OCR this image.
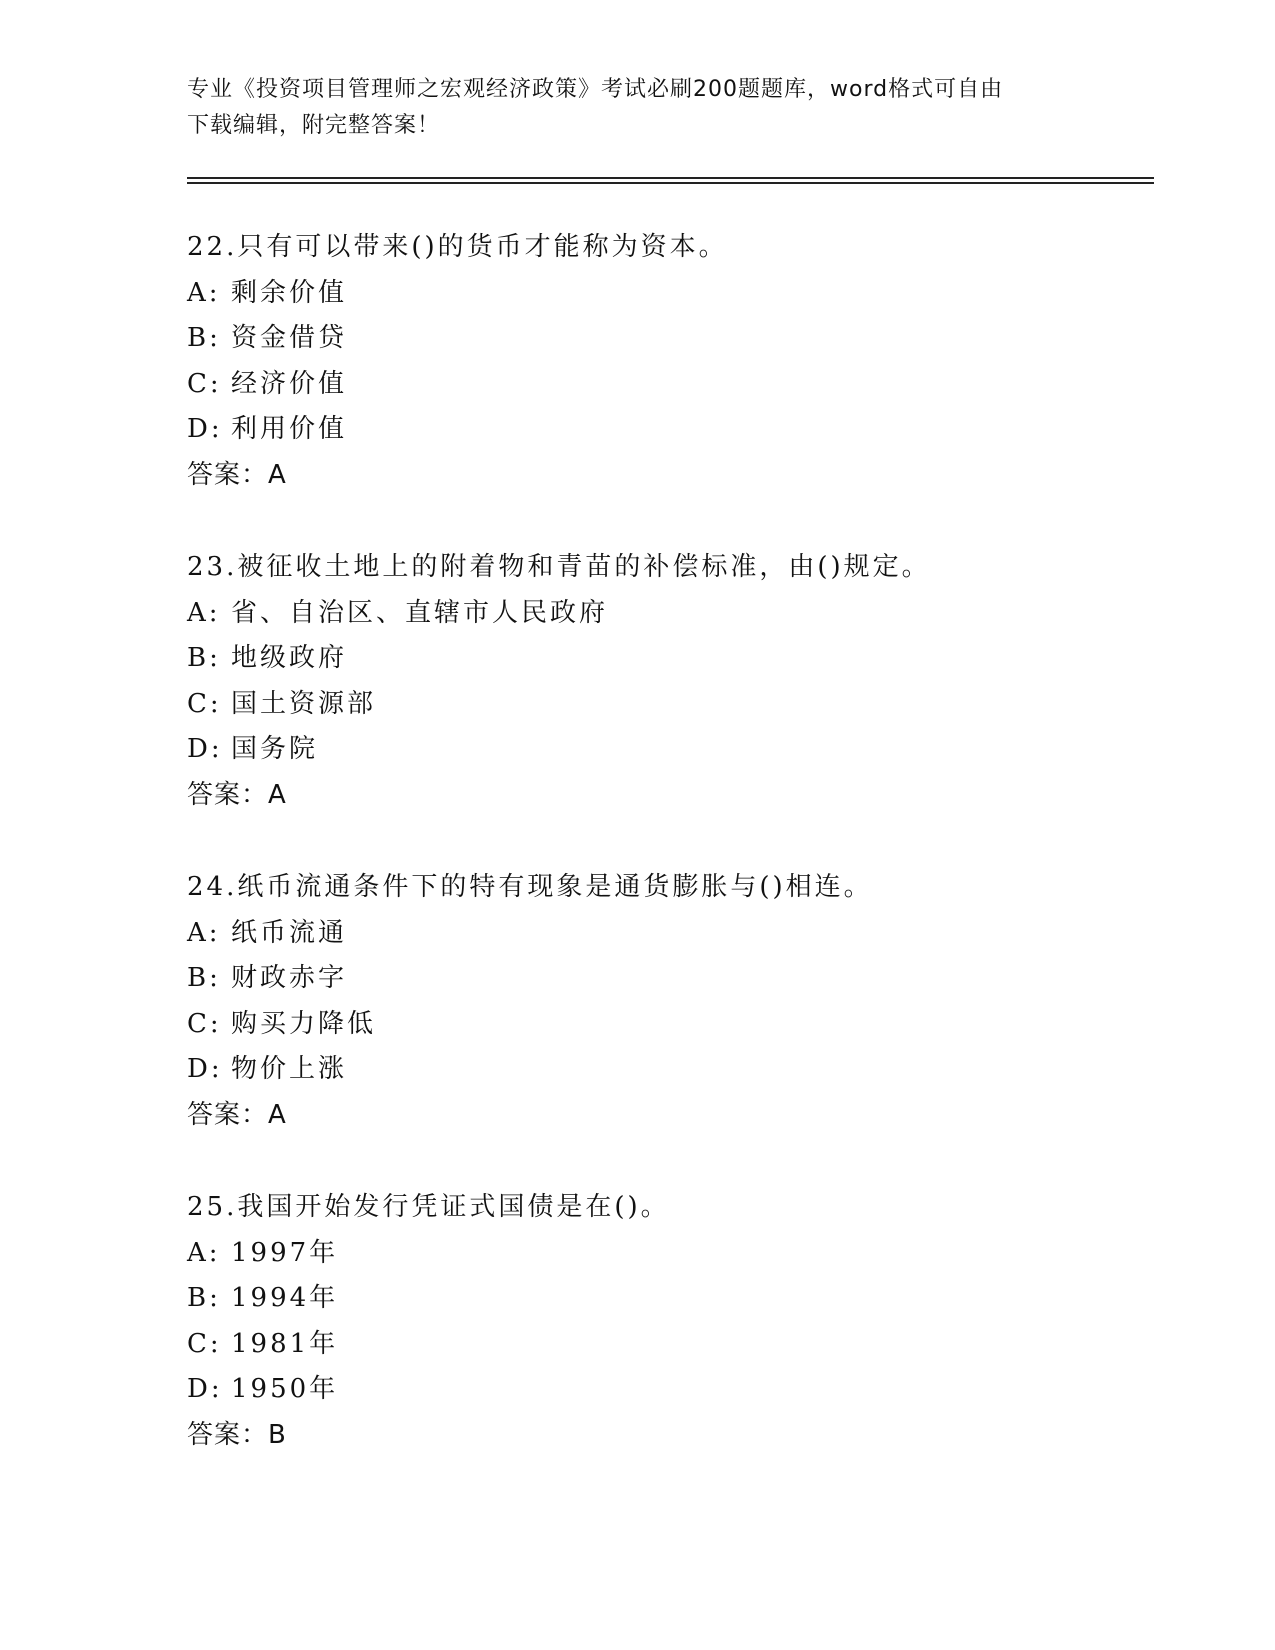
专业《投资项目管理师之宏观经济政策》考试必刷200题题库，word格式可自由
下载编辑，附完整答案！
22.只有可以带来()的货币才能称为资本。
A: 剩余价值
B: 资金借贷
C: 经济价值
D: 利用价值
答案：A
23.被征收土地上的附着物和青苗的补偿标准，由()规定。
A: 省、自治区、直辖市人民政府
B: 地级政府
C: 国土资源部
D: 国务院
答案：A
24.纸币流通条件下的特有现象是通货膨胀与()相连。
A: 纸币流通
B: 财政赤字
C: 购买力降低
D: 物价上涨
答案：A
25.我国开始发行凭证式国债是在()。
A: 1997年
B: 1994年
C: 1981年
D: 1950年
答案：B
